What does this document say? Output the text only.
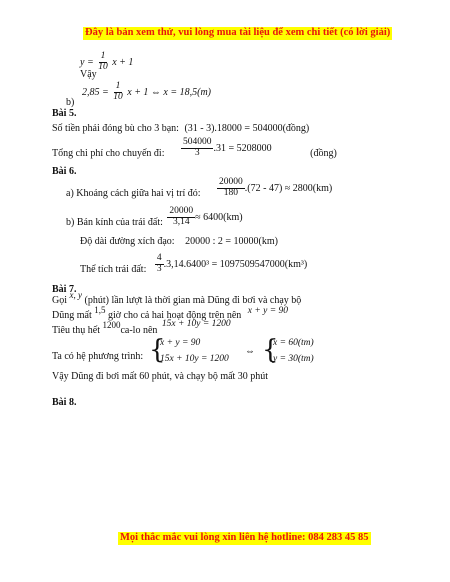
Đây là bản xem thử, vui lòng mua tài liệu để xem chi tiết (có lời giải)
$y = \frac{1}{10}$ x + 1
Vậy
$2,85 = \frac{1}{10}$ x + 1 ⇔ x = 18,5(m)
b)
Bài 5.
Số tiền phải đóng bù cho 3 bạn: (31 - 3).18000 = 504000(đồng)
Tổng chi phí cho chuyến đi: $\frac{504000}{3} .31 = 5208000$	(đồng)
Bài 6.
a) Khoảng cách giữa hai vị trí đó: $\frac{20000}{180} .(72 - 47) \approx 2800(km)$
b) Bán kính của trái đất: $\frac{20000}{3,14} \approx 6400(km)$
Độ dài đường xích đạo: 20000 : 2 = 10000(km)
Thể tích trái đất: $\frac{4}{3} .3,14.6400^3 = 1097509547000(km^3)$
Bài 7.
Gọi x, y (phút) lần lượt là thời gian mà Dũng đi bơi và chạy bộ
Dũng mất 1,5 giờ cho cả hai hoạt động trên nên x + y = 90
Tiêu thụ hết 1200ca-lo nên 15x + 10y = 1200
Ta có hệ phương trình: {
x + y = 90
15x + 10y = 1200
⇔ {
x = 60(tm)
y = 30(tm)
Vậy Dũng đi bơi mất 60 phút, và chạy bộ mất 30 phút
Bài 8.
Mọi thắc mắc vui lòng xin liên hệ hotline: 084 283 45 85
